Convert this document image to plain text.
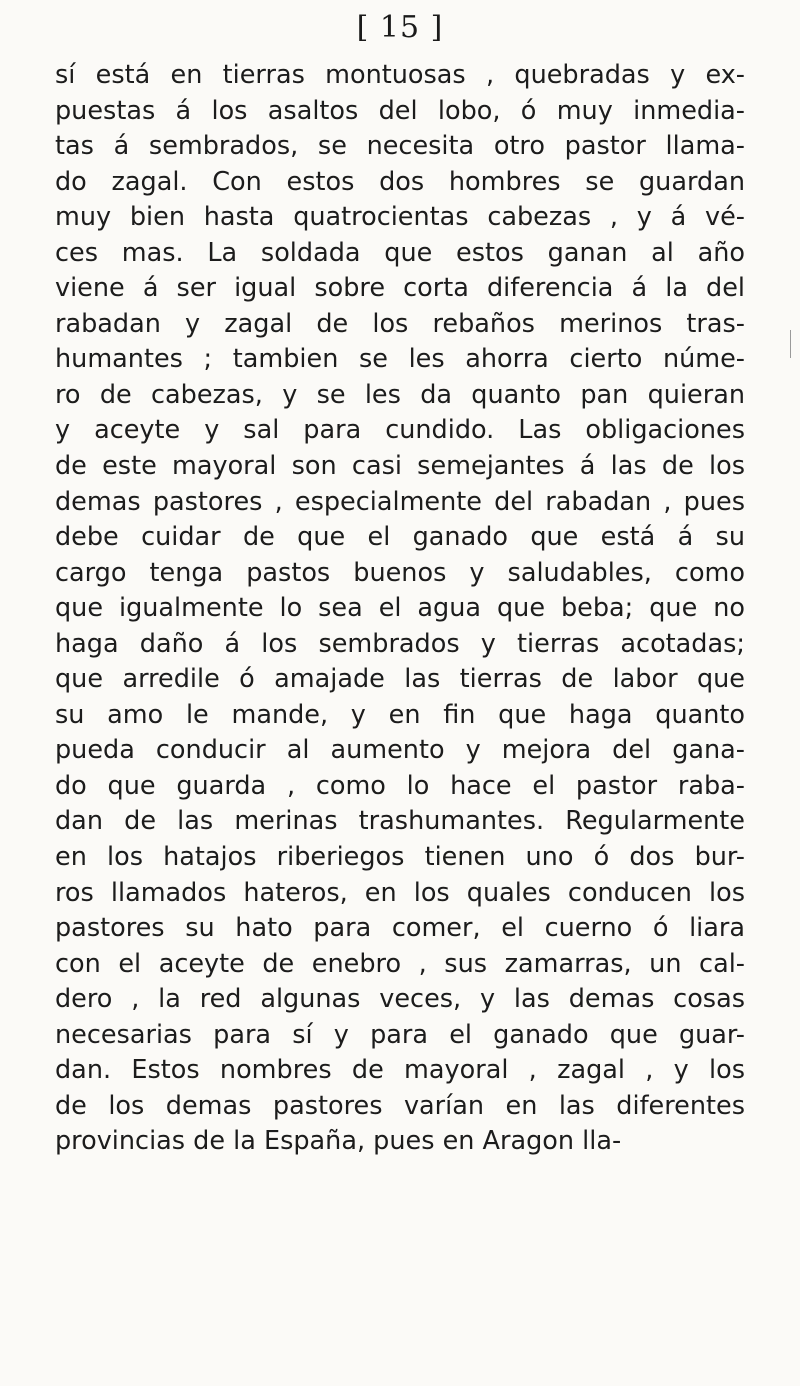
[ 15 ]
sí está en tierras montuosas , quebradas y ex-
puestas á los asaltos del lobo, ó muy inmedia-
tas á sembrados, se necesita otro pastor llama-
do zagal. Con estos dos hombres se guardan
muy bien hasta quatrocientas cabezas , y á vé-
ces mas. La soldada que estos ganan al año
viene á ser igual sobre corta diferencia á la del
rabadan y zagal de los rebaños merinos tras-
humantes ; tambien se les ahorra cierto núme-
ro de cabezas, y se les da quanto pan quieran
y aceyte y sal para cundido. Las obligaciones
de este mayoral son casi semejantes á las de los
demas pastores , especialmente del rabadan , pues
debe cuidar de que el ganado que está á su
cargo tenga pastos buenos y saludables, como
que igualmente lo sea el agua que beba; que no
haga daño á los sembrados y tierras acotadas;
que arredile ó amajade las tierras de labor que
su amo le mande, y en fin que haga quanto
pueda conducir al aumento y mejora del gana-
do que guarda , como lo hace el pastor raba-
dan de las merinas trashumantes. Regularmente
en los hatajos riberiegos tienen uno ó dos bur-
ros llamados hateros, en los quales conducen los
pastores su hato para comer, el cuerno ó liara
con el aceyte de enebro , sus zamarras, un cal-
dero , la red algunas veces, y las demas cosas
necesarias para sí y para el ganado que guar-
dan. Estos nombres de mayoral , zagal , y los
de los demas pastores varían en las diferentes
provincias de la España, pues en Aragon lla-
